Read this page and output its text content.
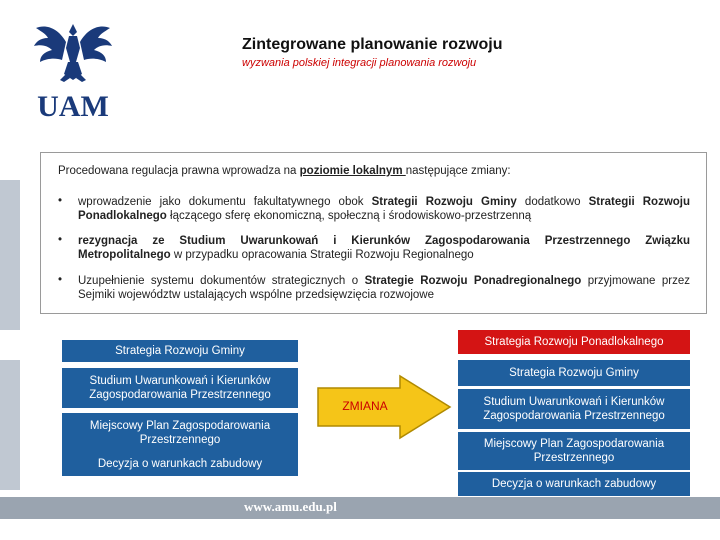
UAM
Zintegrowane planowanie rozwoju
wyzwania polskiej integracji planowania rozwoju
Procedowana regulacja prawna wprowadza na poziomie lokalnym następujące zmiany:
• wprowadzenie jako dokumentu fakultatywnego obok Strategii Rozwoju Gminy dodatkowo Strategii Rozwoju Ponadlokalnego łączącego sferę ekonomiczną, społeczną i środowiskowo-przestrzenną
• rezygnacja ze Studium Uwarunkowań i Kierunków Zagospodarowania Przestrzennego Związku Metropolitalnego w przypadku opracowania Strategii Rozwoju Regionalnego
• Uzupełnienie systemu dokumentów strategicznych o Strategie Rozwoju Ponadregionalnego przyjmowane przez Sejmiki województw ustalających wspólne przedsięwzięcia rozwojowe
Strategia Rozwoju Gminy
Studium Uwarunkowań i Kierunków Zagospodarowania Przestrzennego
Miejscowy Plan Zagospodarowania Przestrzennego
Decyzja o warunkach zabudowy
ZMIANA
Strategia Rozwoju Ponadlokalnego
Strategia Rozwoju Gminy
Studium Uwarunkowań i Kierunków Zagospodarowania Przestrzennego
Miejscowy Plan Zagospodarowania Przestrzennego
Decyzja o warunkach zabudowy
www.amu.edu.pl
